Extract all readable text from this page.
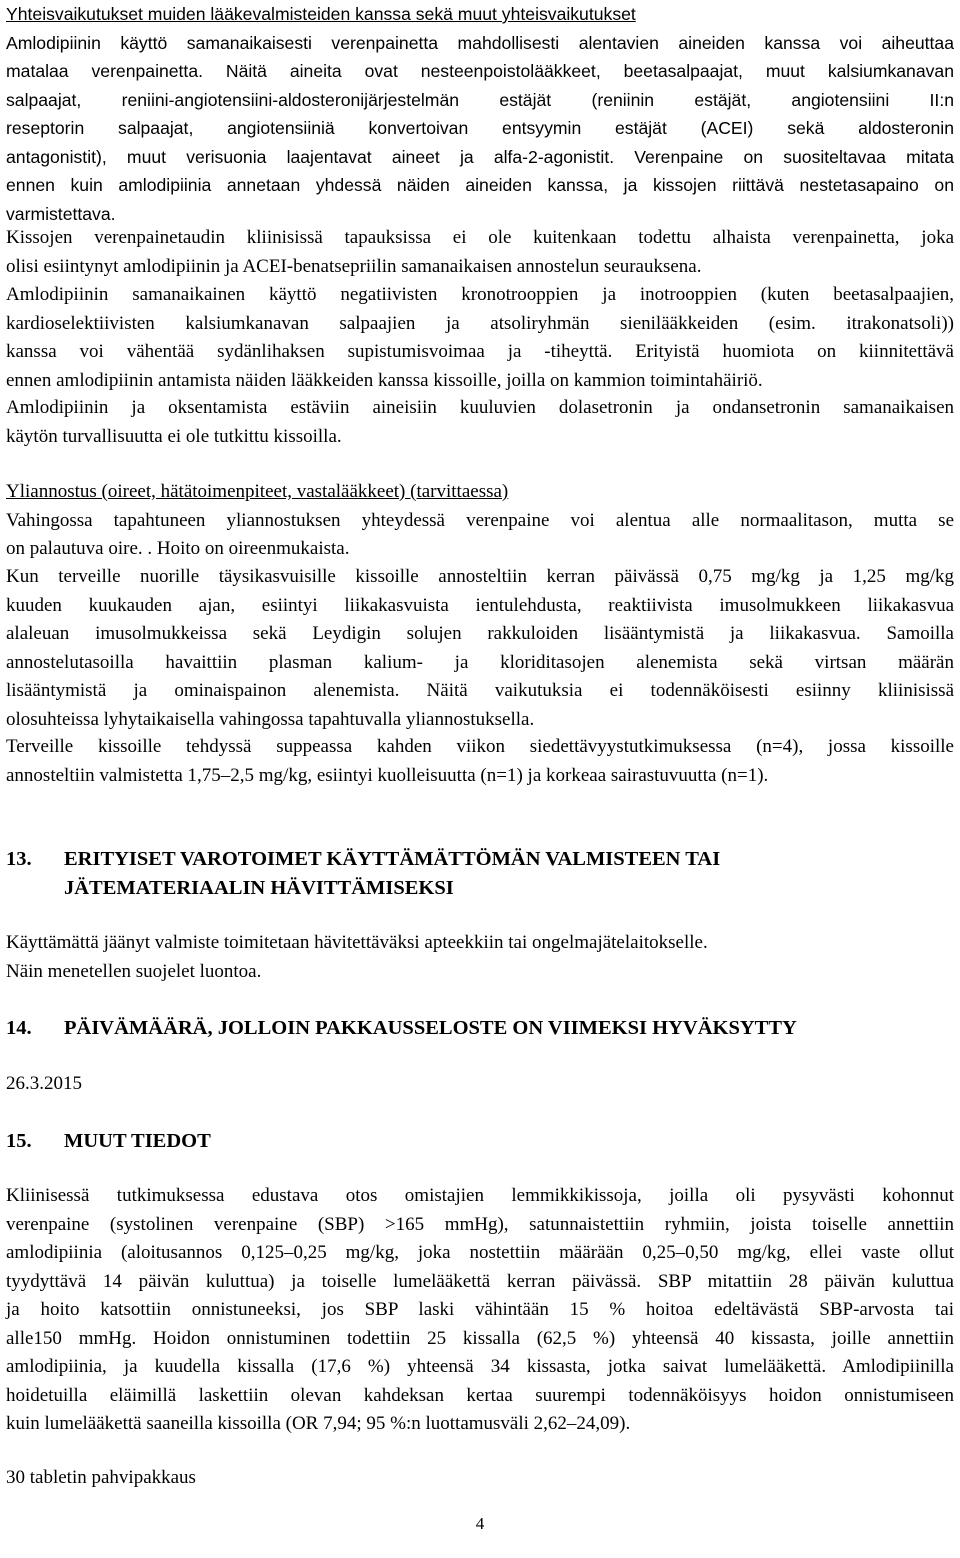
Yhteisvaikutukset muiden lääkevalmisteiden kanssa sekä muut yhteisvaikutukset
Amlodipiinin käyttö samanaikaisesti verenpainetta mahdollisesti alentavien aineiden kanssa voi aiheuttaa
matalaa verenpainetta. Näitä aineita ovat nesteenpoistolääkkeet, beetasalpaajat, muut kalsiumkanavan
salpaajat, reniini-angiotensiini-aldosteronijärjestelmän estäjät (reniinin estäjät, angiotensiini II:n
reseptorin salpaajat, angiotensiiniä konvertoivan entsyymin estäjät (ACEI) sekä aldosteronin
antagonistit), muut verisuonia laajentavat aineet ja alfa-2-agonistit. Verenpaine on suositeltavaa mitata
ennen kuin amlodipiinia annetaan yhdessä näiden aineiden kanssa, ja kissojen riittävä nestetasapaino on
varmistettava.
Kissojen verenpainetaudin kliinisissä tapauksissa ei ole kuitenkaan todettu alhaista verenpainetta, joka
olisi esiintynyt amlodipiinin ja ACEI-benatsepriilin samanaikaisen annostelun seurauksena.
Amlodipiinin samanaikainen käyttö negatiivisten kronotrooppien ja inotrooppien (kuten beetasalpaajien,
kardioselektiivisten kalsiumkanavan salpaajien ja atsoliryhmän sienilääkkeiden (esim. itrakonatsoli))
kanssa voi vähentää sydänlihaksen supistumisvoimaa ja -tiheyttä. Erityistä huomiota on kiinnitettävä
ennen amlodipiinin antamista näiden lääkkeiden kanssa kissoille, joilla on kammion toimintahäiriö.
Amlodipiinin ja oksentamista estäviin aineisiin kuuluvien dolasetronin ja ondansetronin samanaikaisen
käytön turvallisuutta ei ole tutkittu kissoilla.
Yliannostus (oireet, hätätoimenpiteet, vastalääkkeet) (tarvittaessa)
Vahingossa tapahtuneen yliannostuksen yhteydessä verenpaine voi alentua alle normaalitason, mutta se
on palautuva oire. . Hoito on oireenmukaista.
Kun terveille nuorille täysikasvuisille kissoille annosteltiin kerran päivässä 0,75 mg/kg ja 1,25 mg/kg
kuuden kuukauden ajan, esiintyi liikakasvuista ientulehdusta, reaktiivista imusolmukkeen liikakasvua
alaleuan imusolmukkeissa sekä Leydigin solujen rakkuloiden lisääntymistä ja liikakasvua. Samoilla
annostelutasoilla havaittiin plasman kalium- ja kloriditasojen alenemista sekä virtsan määrän
lisääntymistä ja ominaispainon alenemista. Näitä vaikutuksia ei todennäköisesti esiinny kliinisissä
olosuhteissa lyhytaikaisella vahingossa tapahtuvalla yliannostuksella.
Terveille kissoille tehdyssä suppeassa kahden viikon siedettävyystutkimuksessa (n=4), jossa kissoille
annosteltiin valmistetta 1,75–2,5 mg/kg, esiintyi kuolleisuutta (n=1) ja korkeaa sairastuvuutta (n=1).
13. ERITYISET VAROTOIMET KÄYTTÄMÄTTÖMÄN VALMISTEEN TAI
JÄTEMATERIAALIN HÄVITTÄMISEKSI
Käyttämättä jäänyt valmiste toimitetaan hävitettäväksi apteekkiin tai ongelmajätelaitokselle.
Näin menetellen suojelet luontoa.
14. PÄIVÄMÄÄRÄ, JOLLOIN PAKKAUSSELOSTE ON VIIMEKSI HYVÄKSYTTY
26.3.2015
15. MUUT TIEDOT
Kliinisessä tutkimuksessa edustava otos omistajien lemmikkikissoja, joilla oli pysyvästi kohonnut
verenpaine (systolinen verenpaine (SBP) >165 mmHg), satunnaistettiin ryhmiin, joista toiselle annettiin
amlodipiinia (aloitusannos 0,125–0,25 mg/kg, joka nostettiin määrään 0,25–0,50 mg/kg, ellei vaste ollut
tyydyttävä 14 päivän kuluttua) ja toiselle lumelääkettä kerran päivässä. SBP mitattiin 28 päivän kuluttua
ja hoito katsottiin onnistuneeksi, jos SBP laski vähintään 15 % hoitoa edeltävästä SBP-arvosta tai
alle150 mmHg. Hoidon onnistuminen todettiin 25 kissalla (62,5 %) yhteensä 40 kissasta, joille annettiin
amlodipiinia, ja kuudella kissalla (17,6 %) yhteensä 34 kissasta, jotka saivat lumelääkettä. Amlodipiinilla
hoidetuilla eläimillä laskettiin olevan kahdeksan kertaa suurempi todennäköisyys hoidon onnistumiseen
kuin lumelääkettä saaneilla kissoilla (OR 7,94; 95 %:n luottamusväli 2,62–24,09).
30 tabletin pahvipakkaus
4
